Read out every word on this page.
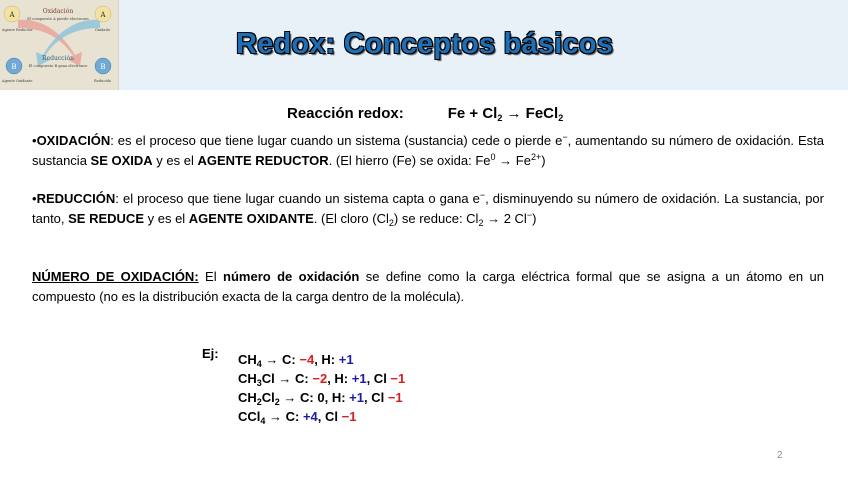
A	A
B	B
Oxidación
El compuesto A pierde electrones
Reducción
El compuesto B gana electrones
Agente Reductor	Oxidado
Agente Oxidante	Reducido
Redox: Conceptos básicos
Reacción redox:	$Fe + Cl_2$ → FeCl$_2$
•OXIDACIÓN: es el proceso que tiene lugar cuando un sistema (sustancia) cede o pierde e−, aumentando su número de oxidación. Esta sustancia SE OXIDA y es el AGENTE REDUCTOR. (El hierro (Fe) se oxida: $Fe^0 \to Fe^{2+}$)
•REDUCCIÓN: el proceso que tiene lugar cuando un sistema capta o gana e−, disminuyendo su número de oxidación. La sustancia, por tanto, SE REDUCE y es el AGENTE OXIDANTE. (El cloro $(Cl_2)$ se reduce: $Cl_2 \to 2$ Cl−)
NÚMERO DE OXIDACIÓN: El número de oxidación se define como la carga eléctrica formal que se asigna a un átomo en un compuesto (no es la distribución exacta de la carga dentro de la molécula).
Ej: $CH_4 \to C$: −4, H: +1
$CH_3Cl \to C$: −2, H: +1, Cl −1
$CH_2Cl_2 \to C$: 0, H: +1, Cl −1
CCl$_4$ → C: +4, Cl −1
2
